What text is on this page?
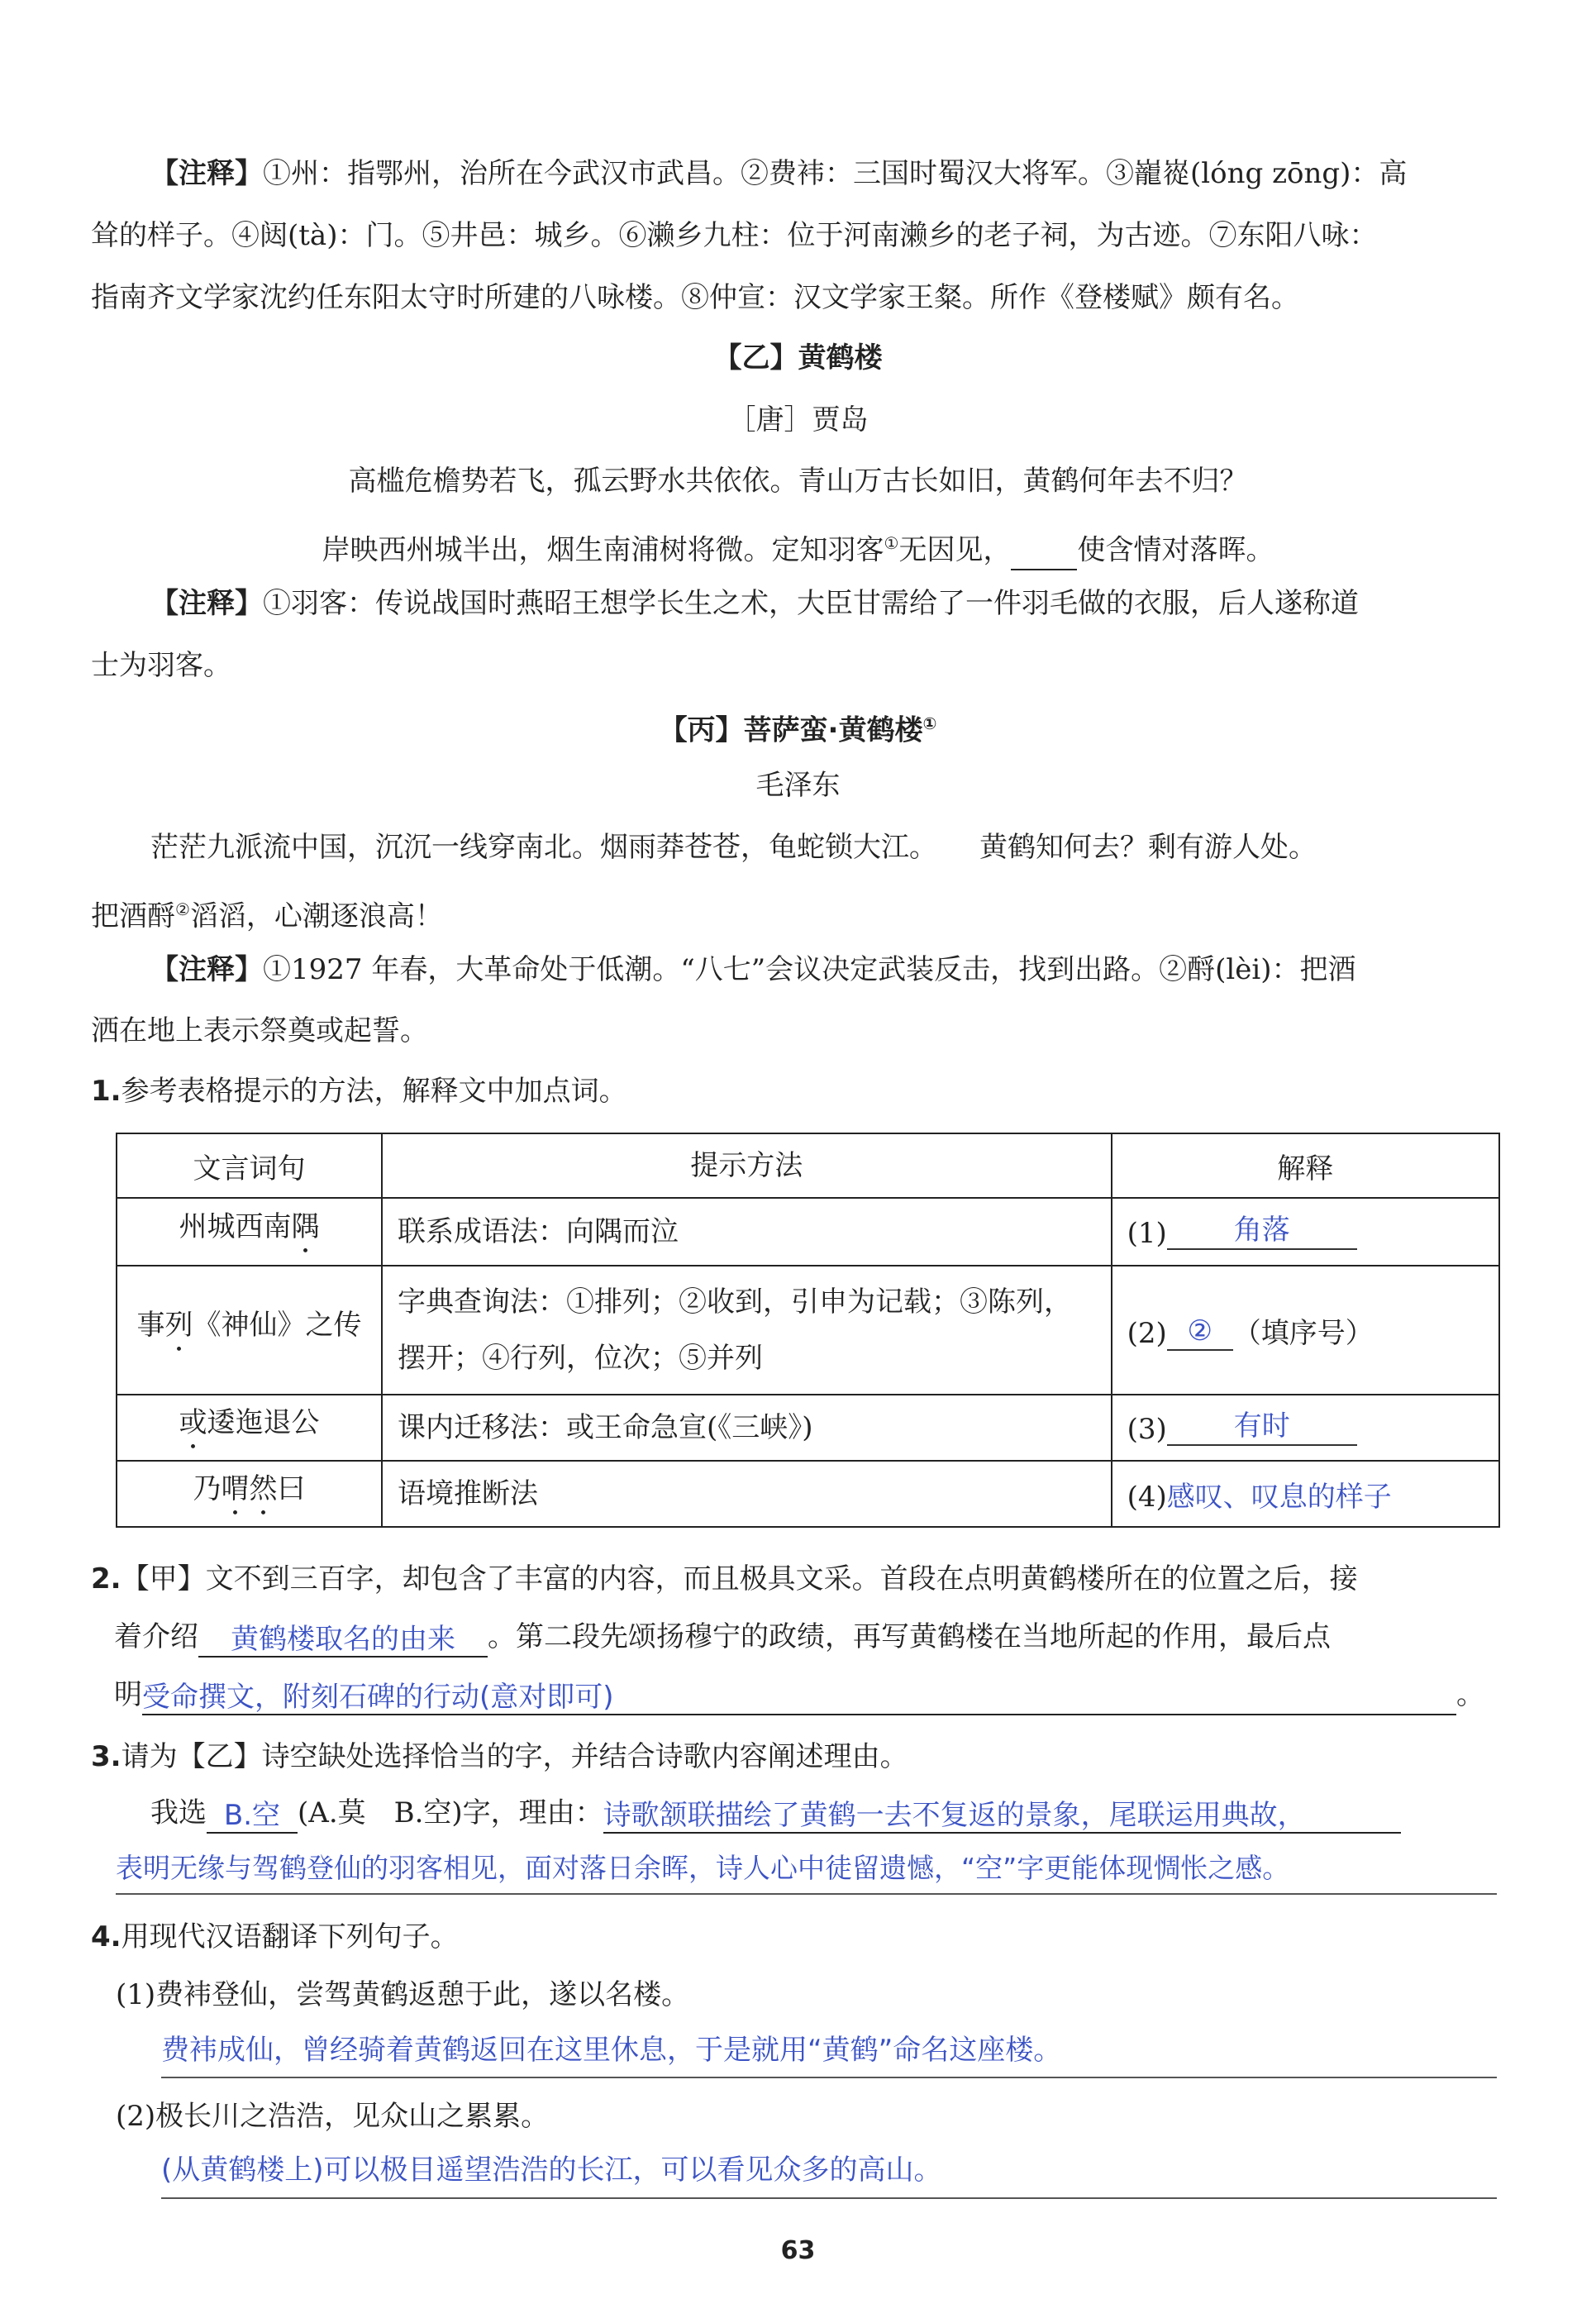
【注释】①州：指鄂州，治所在今武汉市武昌。②费袆：三国时蜀汉大将军。③巃嵸(lóng zōng)：高
耸的样子。④闼(tà)：门。⑤井邑：城乡。⑥濑乡九柱：位于河南濑乡的老子祠，为古迹。⑦东阳八咏：
指南齐文学家沈约任东阳太守时所建的八咏楼。⑧仲宣：汉文学家王粲。所作《登楼赋》颇有名。
【乙】黄鹤楼
［唐］贾岛
高槛危檐势若飞，孤云野水共依依。青山万古长如旧，黄鹤何年去不归？
岸映西州城半出，烟生南浦树将微。定知羽客①无因见， 使含情对落晖。
【注释】①羽客：传说战国时燕昭王想学长生之术，大臣甘需给了一件羽毛做的衣服，后人遂称道
士为羽客。
【丙】菩萨蛮·黄鹤楼①
毛泽东
茫茫九派流中国，沉沉一线穿南北。烟雨莽苍苍，龟蛇锁大江。　　黄鹤知何去？剩有游人处。
把酒酹②滔滔，心潮逐浪高！
【注释】①1927 年春，大革命处于低潮。“八七”会议决定武装反击，找到出路。②酹(lèi)：把酒
洒在地上表示祭奠或起誓。
1.参考表格提示的方法，解释文中加点词。
文言词句	提示方法	解释
州城西南隅	联系成语法：向隅而泣	(1) 角落
事列《神仙》之传	字典查询法：①排列；②收到，引申为记载；③陈列，摆开；④行列，位次；⑤并列	(2) ② （填序号）
或逶迤退公	课内迁移法：或王命急宣(《三峡》)	(3) 有时
乃喟然曰	语境推断法	(4)感叹、叹息的样子
2.【甲】文不到三百字，却包含了丰富的内容，而且极具文采。首段在点明黄鹤楼所在的位置之后，接
着介绍 黄鹤楼取名的由来 。第二段先颂扬穆宁的政绩，再写黄鹤楼在当地所起的作用，最后点
明受命撰文，附刻石碑的行动(意对即可)	。
3.请为【乙】诗空缺处选择恰当的字，并结合诗歌内容阐述理由。
我选 B.空 (A.莫　B.空)字，理由：诗歌颔联描绘了黄鹤一去不复返的景象，尾联运用典故，
表明无缘与驾鹤登仙的羽客相见，面对落日余晖，诗人心中徒留遗憾，“空”字更能体现惆怅之感。
4.用现代汉语翻译下列句子。
(1)费袆登仙，尝驾黄鹤返憩于此，遂以名楼。
费袆成仙，曾经骑着黄鹤返回在这里休息，于是就用“黄鹤”命名这座楼。
(2)极长川之浩浩，见众山之累累。
(从黄鹤楼上)可以极目遥望浩浩的长江，可以看见众多的高山。
63
